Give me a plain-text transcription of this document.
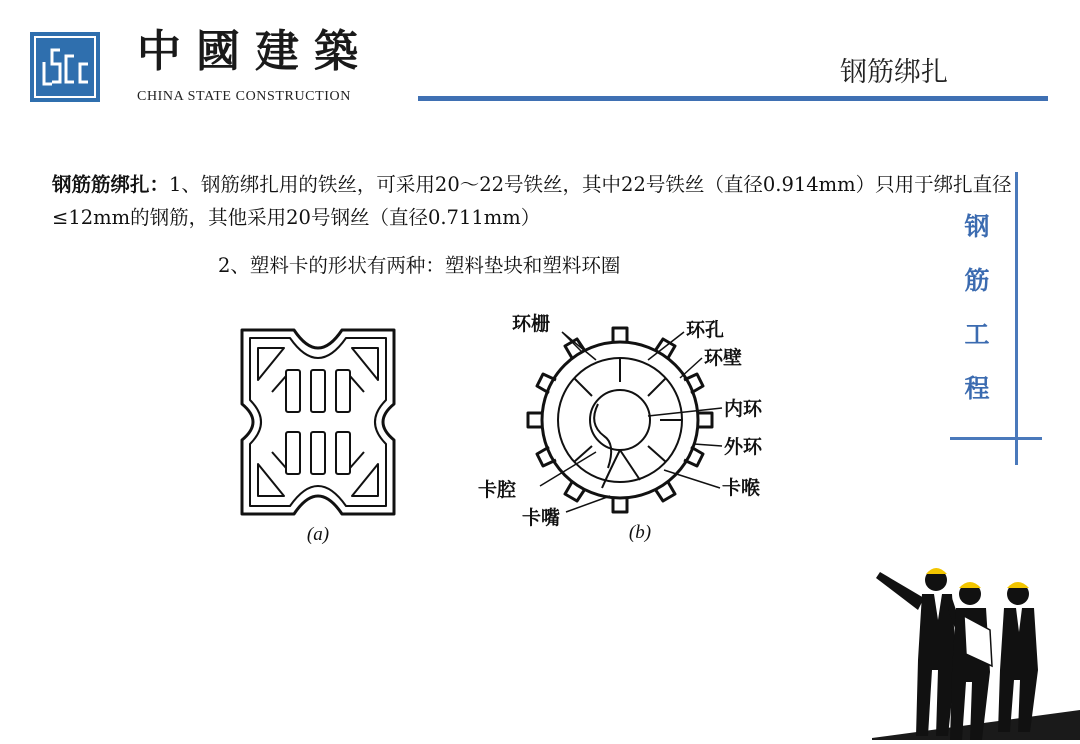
中國建築
CHINA STATE CONSTRUCTION
钢筋绑扎
钢筋筋绑扎：1、钢筋绑扎用的铁丝，可采用20～22号铁丝，其中22号铁丝（直径0.914mm）只用于绑扎直径≤12mm的钢筋，其他采用20号钢丝（直径0.711mm）
2、塑料卡的形状有两种：塑料垫块和塑料环圈
钢
筋
工
程
(a)
环栅	环孔
环壁
内环
外环
卡喉
卡腔
卡嘴
(b)
